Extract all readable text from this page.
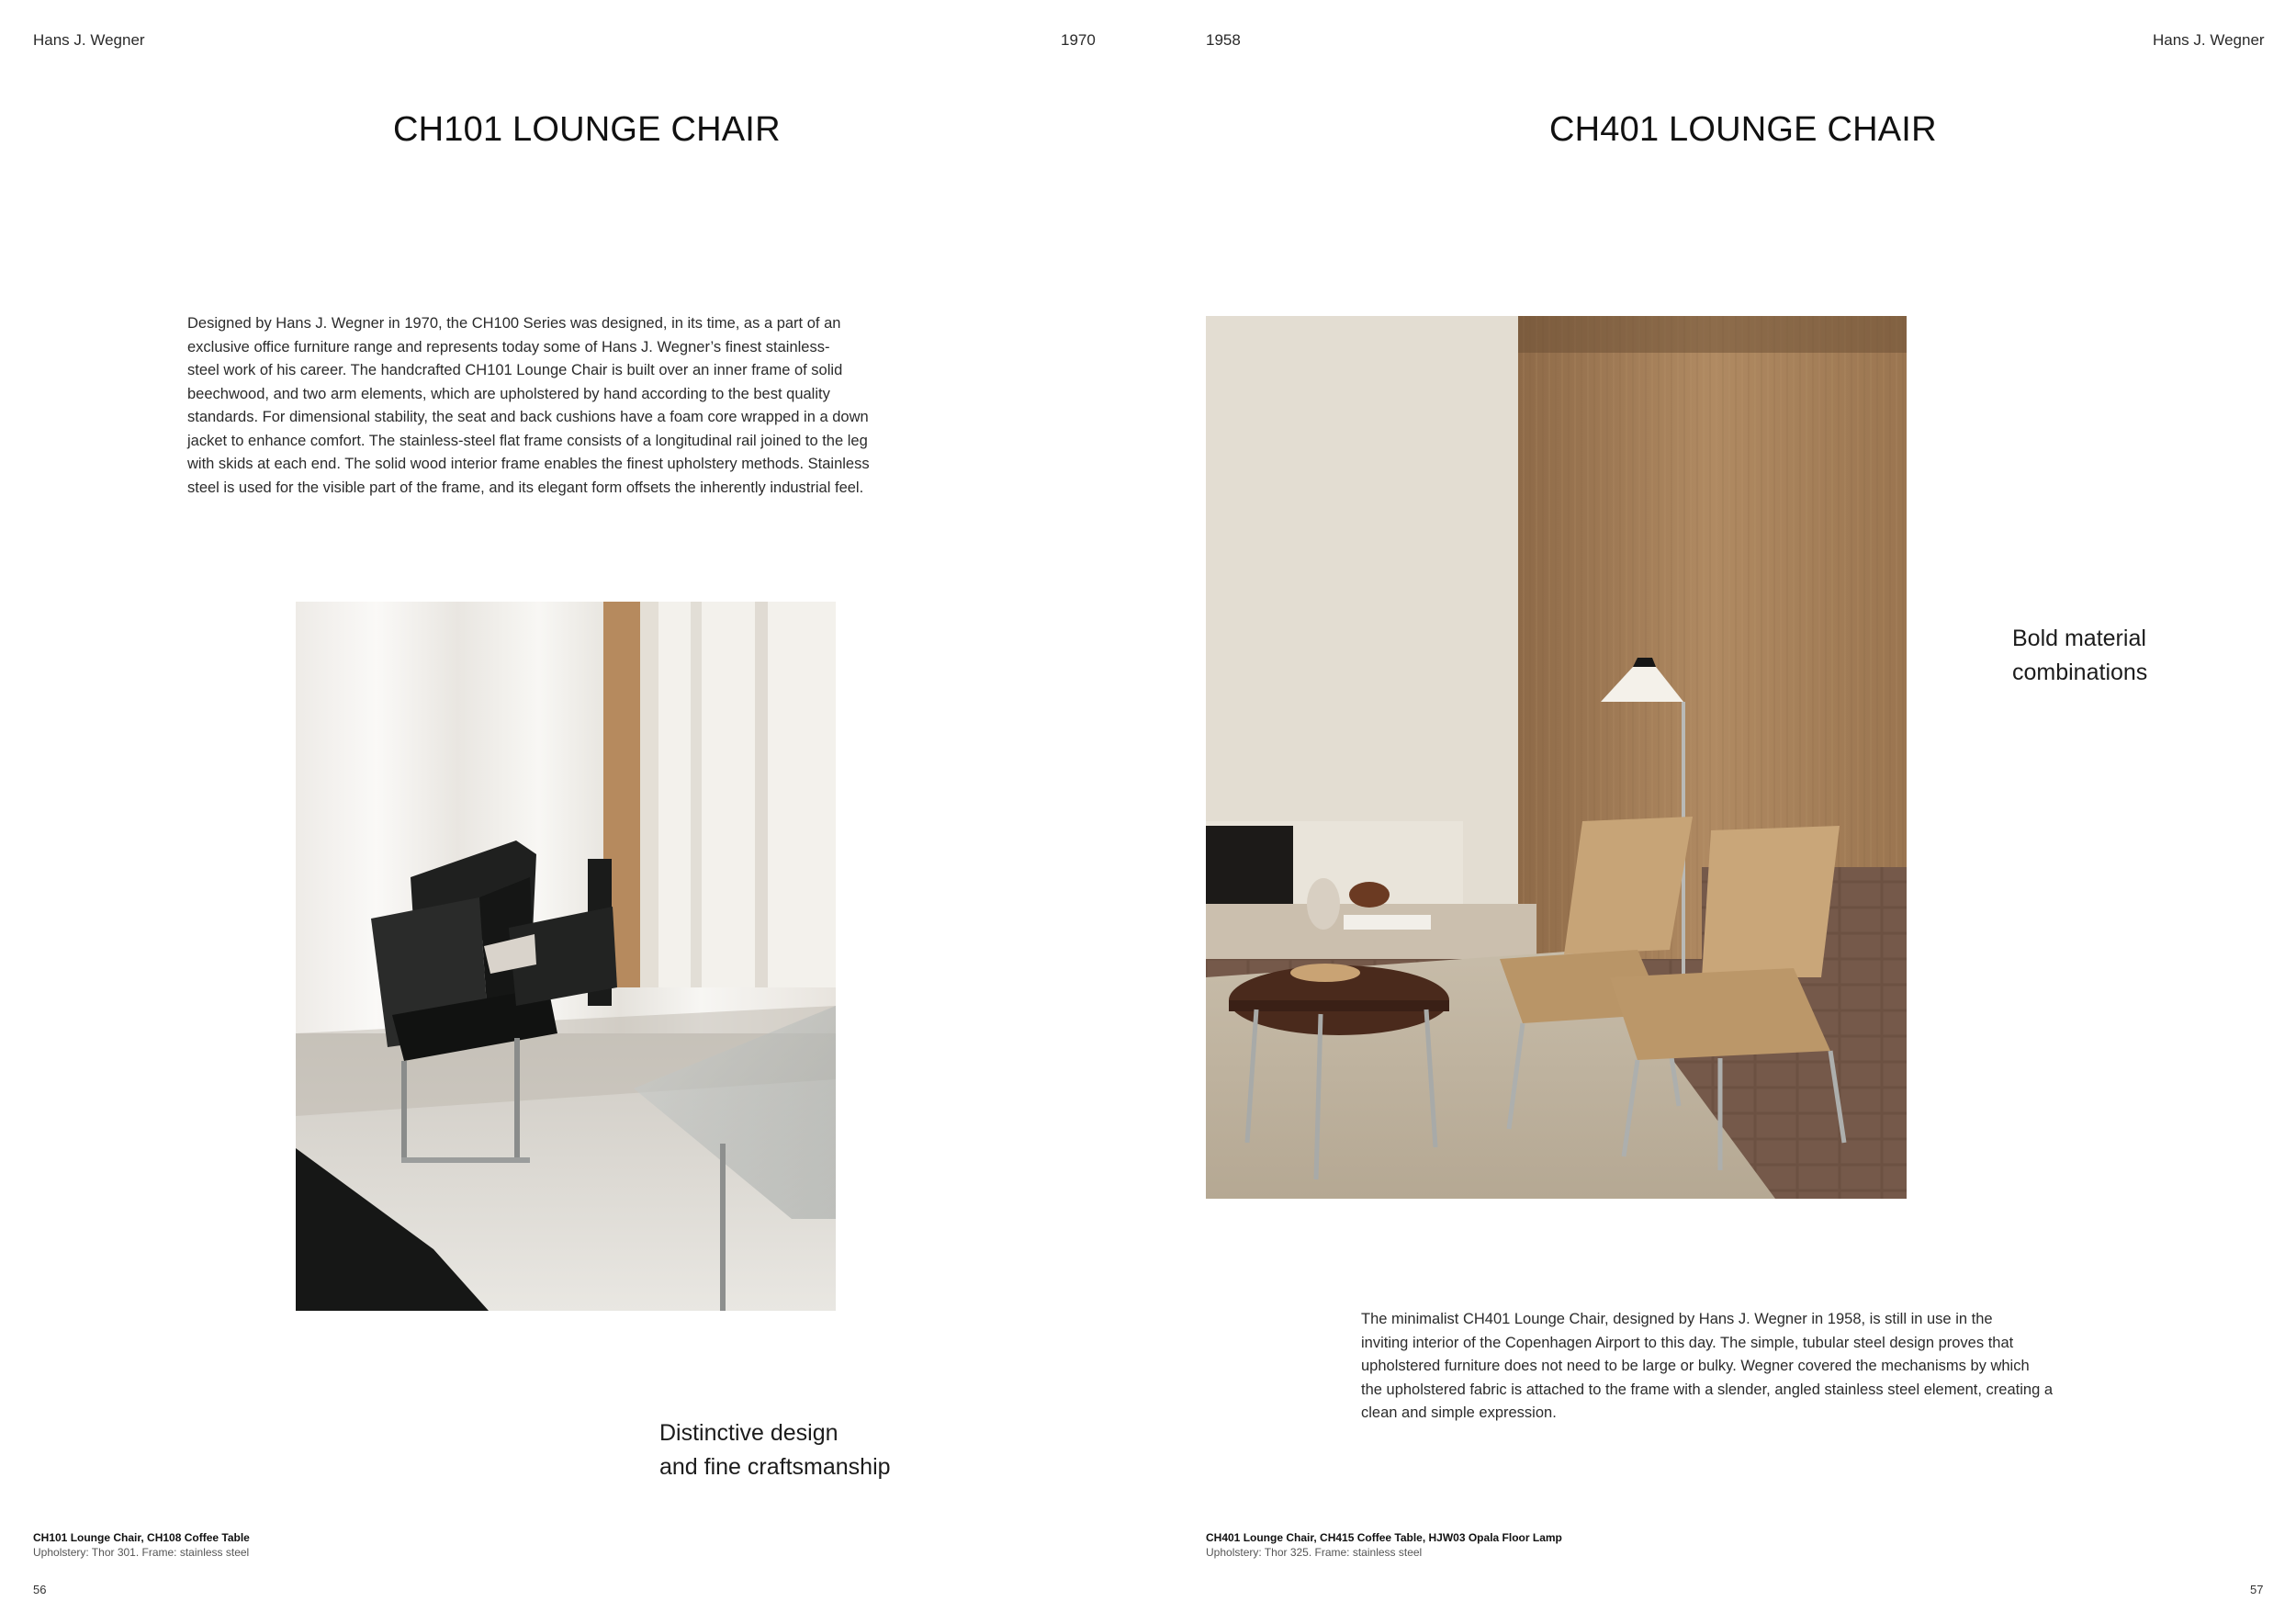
Hans J. Wegner	1970
CH101 LOUNGE CHAIR
Designed by Hans J. Wegner in 1970, the CH100 Series was designed, in its time, as a part of an
exclusive office furniture range and represents today some of Hans J. Wegner’s finest stainless-
steel work of his career. The handcrafted CH101 Lounge Chair is built over an inner frame of solid
beechwood, and two arm elements, which are upholstered by hand according to the best quality
standards. For dimensional stability, the seat and back cushions have a foam core wrapped in a down
jacket to enhance comfort. The stainless-steel flat frame consists of a longitudinal rail joined to the leg
with skids at each end. The solid wood interior frame enables the finest upholstery methods. Stainless
steel is used for the visible part of the frame, and its elegant form offsets the inherently industrial feel.
Distinctive design
and fine craftsmanship
CH101 Lounge Chair, CH108 Coffee Table
Upholstery: Thor 301. Frame: stainless steel
56
1958	Hans J. Wegner
CH401 LOUNGE CHAIR
Bold material
combinations
The minimalist CH401 Lounge Chair, designed by Hans J. Wegner in 1958, is still in use in the
inviting interior of the Copenhagen Airport to this day. The simple, tubular steel design proves that
upholstered furniture does not need to be large or bulky. Wegner covered the mechanisms by which
the upholstered fabric is attached to the frame with a slender, angled stainless steel element, creating a
clean and simple expression.
CH401 Lounge Chair, CH415 Coffee Table, HJW03 Opala Floor Lamp
Upholstery: Thor 325. Frame: stainless steel
57
